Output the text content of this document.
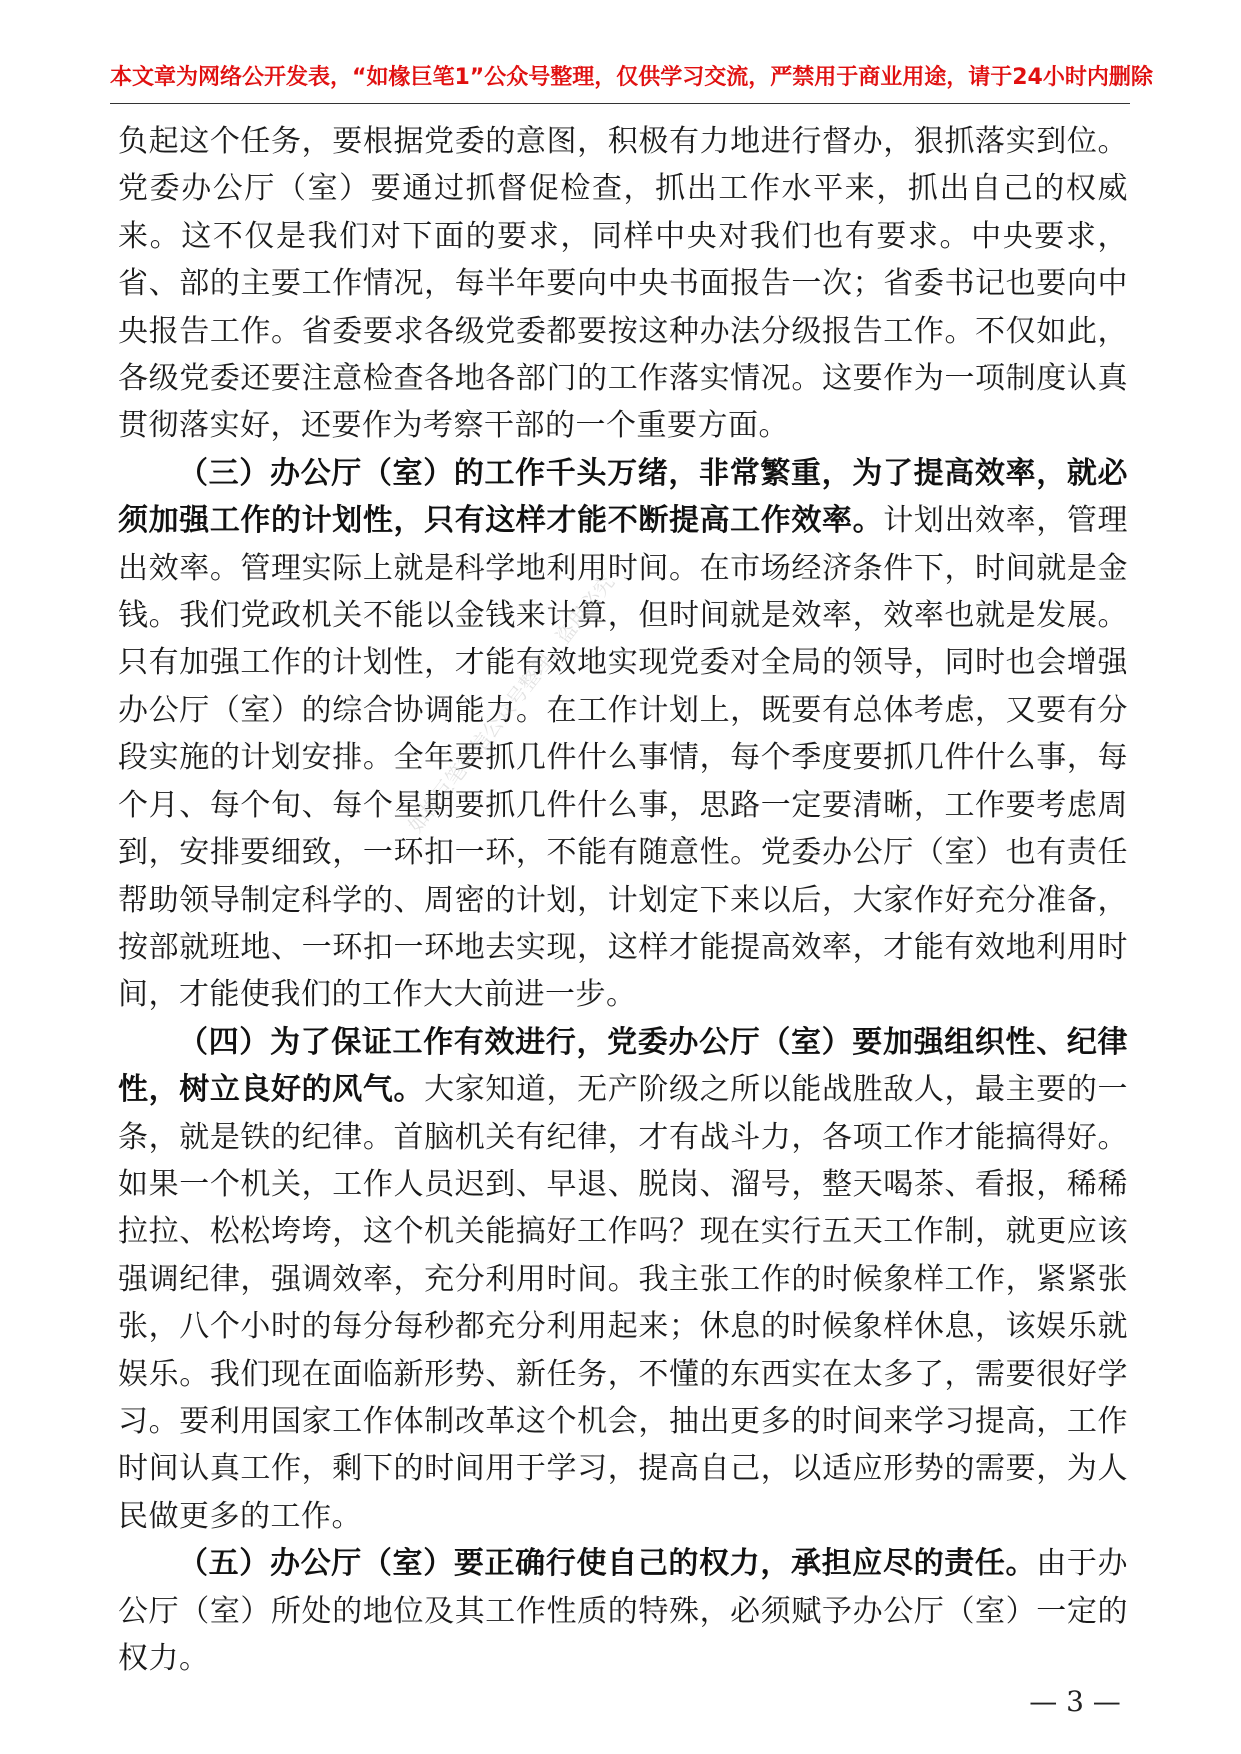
本文章为网络公开发表，“如椽巨笔1”公众号整理，仅供学习交流，严禁用于商业用途，请于24小时内删除

负起这个任务，要根据党委的意图，积极有力地进行督办，狠抓落实到位。党委办公厅（室）要通过抓督促检查，抓出工作水平来，抓出自己的权威来。这不仅是我们对下面的要求，同样中央对我们也有要求。中央要求，省、部的主要工作情况，每半年要向中央书面报告一次；省委书记也要向中央报告工作。省委要求各级党委都要按这种办法分级报告工作。不仅如此，各级党委还要注意检查各地各部门的工作落实情况。这要作为一项制度认真贯彻落实好，还要作为考察干部的一个重要方面。

（三）办公厅（室）的工作千头万绪，非常繁重，为了提高效率，就必须加强工作的计划性，只有这样才能不断提高工作效率。计划出效率，管理出效率。管理实际上就是科学地利用时间。在市场经济条件下，时间就是金钱。我们党政机关不能以金钱来计算，但时间就是效率，效率也就是发展。只有加强工作的计划性，才能有效地实现党委对全局的领导，同时也会增强办公厅（室）的综合协调能力。在工作计划上，既要有总体考虑，又要有分段实施的计划安排。全年要抓几件什么事情，每个季度要抓几件什么事，每个月、每个旬、每个星期要抓几件什么事，思路一定要清晰，工作要考虑周到，安排要细致，一环扣一环，不能有随意性。党委办公厅（室）也有责任帮助领导制定科学的、周密的计划，计划定下来以后，大家作好充分准备，按部就班地、一环扣一环地去实现，这样才能提高效率，才能有效地利用时间，才能使我们的工作大大前进一步。

（四）为了保证工作有效进行，党委办公厅（室）要加强组织性、纪律性，树立良好的风气。大家知道，无产阶级之所以能战胜敌人，最主要的一条，就是铁的纪律。首脑机关有纪律，才有战斗力，各项工作才能搞得好。如果一个机关，工作人员迟到、早退、脱岗、溜号，整天喝茶、看报，稀稀拉拉、松松垮垮，这个机关能搞好工作吗？现在实行五天工作制，就更应该强调纪律，强调效率，充分利用时间。我主张工作的时候象样工作，紧紧张张，八个小时的每分每秒都充分利用起来；休息的时候象样休息，该娱乐就娱乐。我们现在面临新形势、新任务，不懂的东西实在太多了，需要很好学习。要利用国家工作体制改革这个机会，抽出更多的时间来学习提高，工作时间认真工作，剩下的时间用于学习，提高自己，以适应形势的需要，为人民做更多的工作。

（五）办公厅（室）要正确行使自己的权力，承担应尽的责任。由于办公厅（室）所处的地位及其工作性质的特殊，必须赋予办公厅（室）一定的权力。

如椽巨笔微信公众号整理，盗用必究
— 3 —
